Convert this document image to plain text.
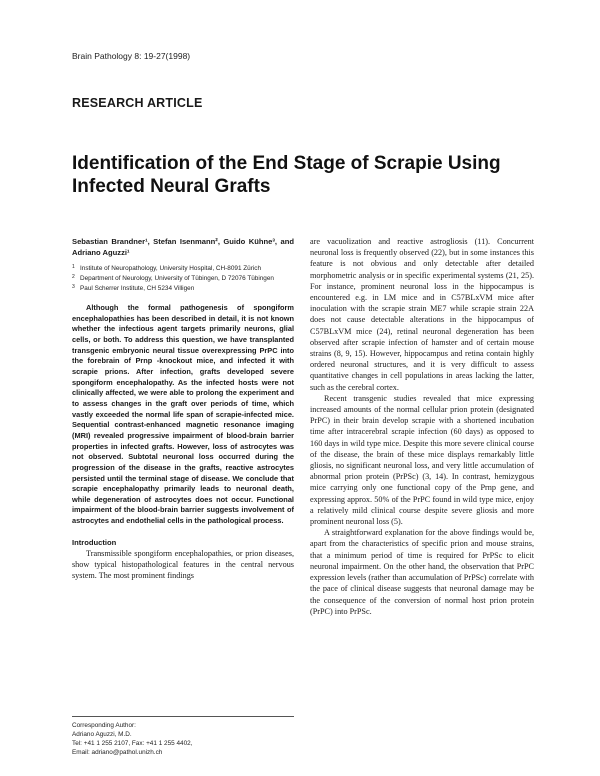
Brain Pathology 8: 19-27(1998)
RESEARCH ARTICLE
Identification of the End Stage of Scrapie Using Infected Neural Grafts
Sebastian Brandner¹, Stefan Isenmann², Guido Kühne³, and Adriano Aguzzi¹
1 Institute of Neuropathology, University Hospital, CH-8091 Zürich
2 Department of Neurology, University of Tübingen, D 72076 Tübingen
3 Paul Scherrer Institute, CH 5234 Villigen

Although the formal pathogenesis of spongiform encephalopathies has been described in detail, it is not known whether the infectious agent targets primarily neurons, glial cells, or both. To address this question, we have transplanted transgenic embryonic neural tissue overexpressing PrPC into the forebrain of Prnp -knockout mice, and infected it with scrapie prions. After infection, grafts developed severe spongiform encephalopathy. As the infected hosts were not clinically affected, we were able to prolong the experiment and to assess changes in the graft over periods of time, which vastly exceeded the normal life span of scrapie-infected mice. Sequential contrast-enhanced magnetic resonance imaging (MRI) revealed progressive impairment of blood-brain barrier properties in infected grafts. However, loss of astrocytes was not observed. Subtotal neuronal loss occurred during the progression of the disease in the grafts, reactive astrocytes persisted until the terminal stage of disease. We conclude that scrapie encephalopathy primarily leads to neuronal death, while degeneration of astrocytes does not occur. Functional impairment of the blood-brain barrier suggests involvement of astrocytes and endothelial cells in the pathological process.

Introduction

Transmissible spongiform encephalopathies, or prion diseases, show typical histopathological features in the central nervous system. The most prominent findings

are vacuolization and reactive astrogliosis (11). Concurrent neuronal loss is frequently observed (22), but in some instances this feature is not obvious and only detectable after detailed morphometric analysis or in specific experimental systems (21, 25). For instance, prominent neuronal loss in the hippocampus is encountered e.g. in LM mice and in C57BLxVM mice after inoculation with the scrapie strain ME7 while scrapie strain 22A does not cause detectable alterations in the hippocampus of C57BLxVM mice (24), retinal neuronal degeneration has been observed after scrapie infection of hamster and of certain mouse strains (8, 9, 15). However, hippocampus and retina contain highly ordered neuronal structures, and it is very difficult to assess quantitative changes in cell populations in areas lacking the latter, such as the cerebral cortex.

Recent transgenic studies revealed that mice expressing increased amounts of the normal cellular prion protein (designated PrPC) in their brain develop scrapie with a shortened incubation time after intracerebral scrapie infection (60 days) as opposed to 160 days in wild type mice. Despite this more severe clinical course of the disease, the brain of these mice displays remarkably little gliosis, no significant neuronal loss, and very little accumulation of abnormal prion protein (PrPSc) (3, 14). In contrast, hemizygous mice carrying only one functional copy of the Prnp gene, and expressing approx. 50% of the PrPC found in wild type mice, enjoy a relatively mild clinical course despite severe gliosis and more prominent neuronal loss (5).

A straightforward explanation for the above findings would be, apart from the characteristics of specific prion and mouse strains, that a minimum period of time is required for PrPSc to elicit neuronal impairment. On the other hand, the observation that PrPC expression levels (rather than accumulation of PrPSc) correlate with the pace of clinical disease suggests that neuronal damage may be the consequence of the conversion of normal host prion protein (PrPC) into PrPSc.

Corresponding Author:
Adriano Aguzzi, M.D.
Tel: +41 1 255 2107, Fax: +41 1 255 4402,
Email: adriano@pathol.unizh.ch
